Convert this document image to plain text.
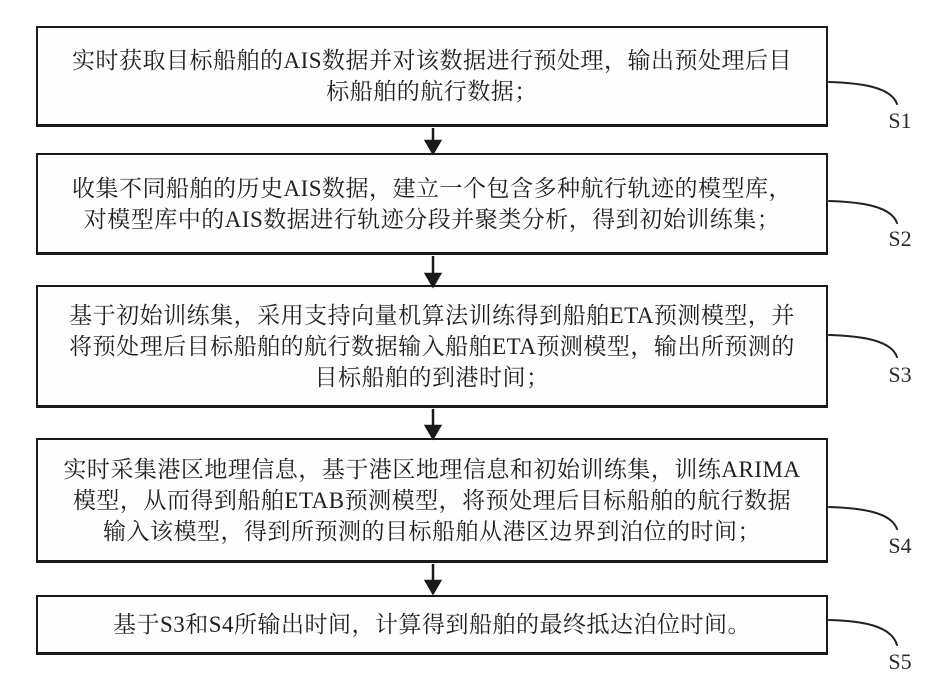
实时获取目标船舶的AIS数据并对该数据进行预处理，输出预处理后目
标船舶的航行数据；
收集不同船舶的历史AIS数据，建立一个包含多种航行轨迹的模型库，
对模型库中的AIS数据进行轨迹分段并聚类分析，得到初始训练集；
基于初始训练集，采用支持向量机算法训练得到船舶ETA预测模型，并
将预处理后目标船舶的航行数据输入船舶ETA预测模型，输出所预测的
目标船舶的到港时间；
实时采集港区地理信息，基于港区地理信息和初始训练集，训练ARIMA
模型，从而得到船舶ETAB预测模型，将预处理后目标船舶的航行数据
输入该模型，得到所预测的目标船舶从港区边界到泊位的时间；
基于S3和S4所输出时间，计算得到船舶的最终抵达泊位时间。
S1
S2
S3
S4
S5
